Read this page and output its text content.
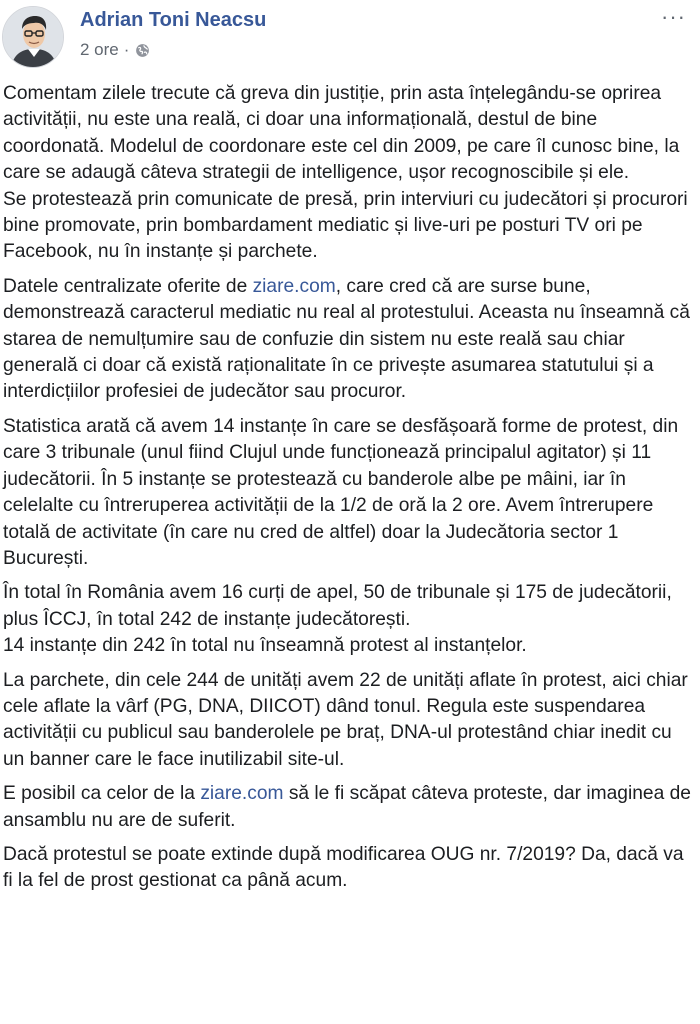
Adrian Toni Neacsu
2 ore ·
···

Comentam zilele trecute că greva din justiție, prin asta înțelegându-se oprirea activității, nu este una reală, ci doar una informațională, destul de bine coordonată. Modelul de coordonare este cel din 2009, pe care îl cunosc bine, la care se adaugă câteva strategii de intelligence, ușor recognoscibile și ele.

Se protestează prin comunicate de presă, prin interviuri cu judecători și procurori bine promovate, prin bombardament mediatic și live-uri pe posturi TV ori pe Facebook, nu în instanțe și parchete.

Datele centralizate oferite de ziare.com, care cred că are surse bune, demonstrează caracterul mediatic nu real al protestului. Aceasta nu înseamnă că starea de nemulțumire sau de confuzie din sistem nu este reală sau chiar generală ci doar că există raționalitate în ce privește asumarea statutului și a interdicțiilor profesiei de judecător sau procuror.

Statistica arată că avem 14 instanțe în care se desfășoară forme de protest, din care 3 tribunale (unul fiind Clujul unde funcționează principalul agitator) și 11 judecătorii. În 5 instanțe se protestează cu banderole albe pe mâini, iar în celelalte cu întreruperea activității de la 1/2 de oră la 2 ore. Avem întrerupere totală de activitate (în care nu cred de altfel) doar la Judecătoria sector 1 București.

În total în România avem 16 curți de apel, 50 de tribunale și 175 de judecătorii, plus ÎCCJ, în total 242 de instanțe judecătorești.

14 instanțe din 242 în total nu înseamnă protest al instanțelor.

La parchete, din cele 244 de unități avem 22 de unități aflate în protest, aici chiar cele aflate la vârf (PG, DNA, DIICOT) dând tonul. Regula este suspendarea activității cu publicul sau banderolele pe braț, DNA-ul protestând chiar inedit cu un banner care le face inutilizabil site-ul.

E posibil ca celor de la ziare.com să le fi scăpat câteva proteste, dar imaginea de ansamblu nu are de suferit.

Dacă protestul se poate extinde după modificarea OUG nr. 7/2019? Da, dacă va fi la fel de prost gestionat ca până acum.
